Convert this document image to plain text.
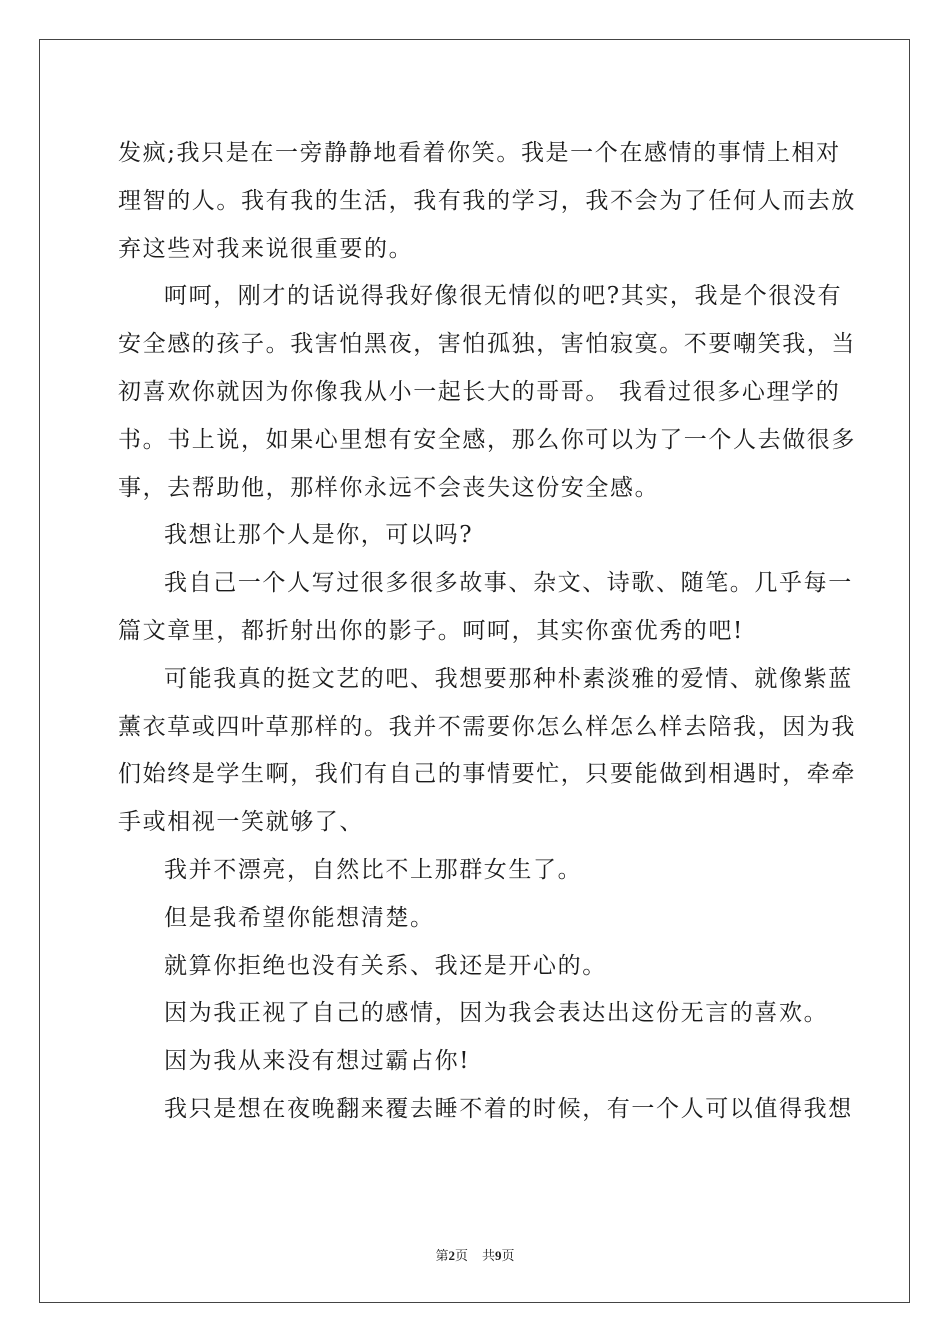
发疯;我只是在一旁静静地看着你笑。我是一个在感情的事情上相对
理智的人。我有我的生活，我有我的学习，我不会为了任何人而去放
弃这些对我来说很重要的。
呵呵，刚才的话说得我好像很无情似的吧?其实，我是个很没有
安全感的孩子。我害怕黑夜，害怕孤独，害怕寂寞。不要嘲笑我，当
初喜欢你就因为你像我从小一起长大的哥哥。 我看过很多心理学的
书。书上说，如果心里想有安全感，那么你可以为了一个人去做很多
事，去帮助他，那样你永远不会丧失这份安全感。
我想让那个人是你，可以吗?
我自己一个人写过很多很多故事、杂文、诗歌、随笔。几乎每一
篇文章里，都折射出你的影子。呵呵，其实你蛮优秀的吧!
可能我真的挺文艺的吧、我想要那种朴素淡雅的爱情、就像紫蓝
薰衣草或四叶草那样的。我并不需要你怎么样怎么样去陪我，因为我
们始终是学生啊，我们有自己的事情要忙，只要能做到相遇时，牵牵
手或相视一笑就够了、
我并不漂亮，自然比不上那群女生了。
但是我希望你能想清楚。
就算你拒绝也没有关系、我还是开心的。
因为我正视了自己的感情，因为我会表达出这份无言的喜欢。
因为我从来没有想过霸占你!
我只是想在夜晚翻来覆去睡不着的时候，有一个人可以值得我想
第2页 共9页
